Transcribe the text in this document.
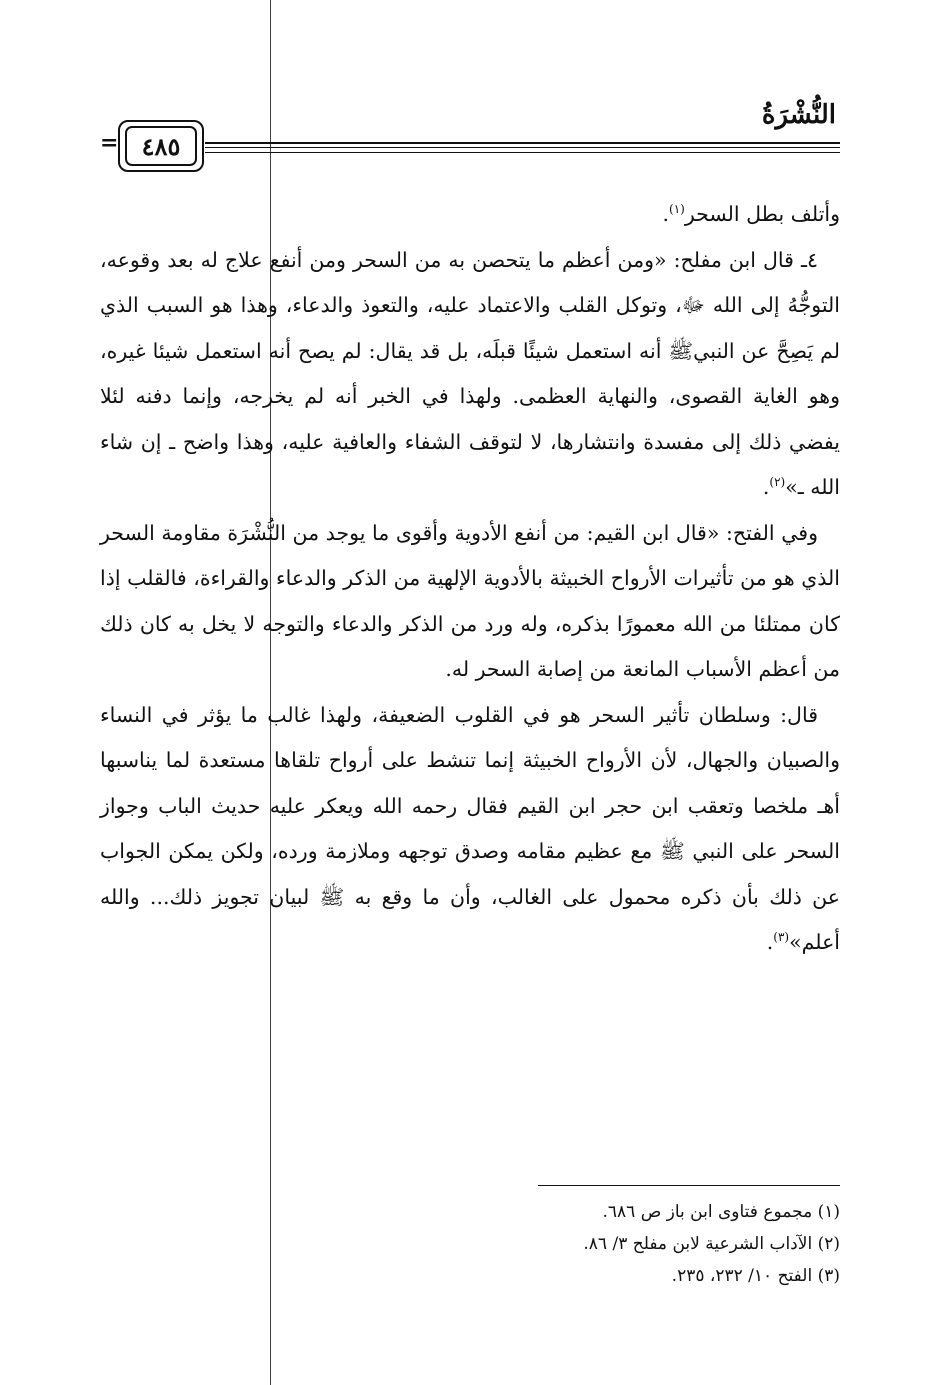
النُّشْرَةُ
= ٤٨٥

وأتلف بطل السحر$^{(١)}$.

٤ـ قال ابن مفلح: «ومن أعظم ما يتحصن به من السحر ومن أنفع علاج له بعد وقوعه، التوجُّهُ إلى الله ﷻ، وتوكل القلب والاعتماد عليه، والتعوذ والدعاء، وهذا هو السبب الذي لم يَصِحَّ عن النبيﷺ أنه استعمل شيئًا قبلَه، بل قد يقال: لم يصح أنه استعمل شيئا غيره، وهو الغاية القصوى، والنهاية العظمى. ولهذا في الخبر أنه لم يخرجه، وإنما دفنه لئلا يفضي ذلك إلى مفسدة وانتشارها، لا لتوقف الشفاء والعافية عليه، وهذا واضح ـ إن شاء الله ـ»$^{(٢)}$.

وفي الفتح: «قال ابن القيم: من أنفع الأدوية وأقوى ما يوجد من النُّشْرَة مقاومة السحر الذي هو من تأثيرات الأرواح الخبيثة بالأدوية الإلهية من الذكر والدعاء والقراءة، فالقلب إذا كان ممتلئا من الله معمورًا بذكره، وله ورد من الذكر والدعاء والتوجه لا يخل به كان ذلك من أعظم الأسباب المانعة من إصابة السحر له.

قال: وسلطان تأثير السحر هو في القلوب الضعيفة، ولهذا غالب ما يؤثر في النساء والصبيان والجهال، لأن الأرواح الخبيثة إنما تنشط على أرواح تلقاها مستعدة لما يناسبها أهـ ملخصا وتعقب ابن حجر ابن القيم فقال رحمه الله ويعكر عليه حديث الباب وجواز السحر على النبي ﷺ مع عظيم مقامه وصدق توجهه وملازمة ورده، ولكن يمكن الجواب عن ذلك بأن ذكره محمول على الغالب، وأن ما وقع به ﷺ لبيان تجويز ذلك... والله أعلم»$^{(٣)}$.

(١) مجموع فتاوى ابن باز ص ٦٨٦.

(٢) الآداب الشرعية لابن مفلح ٣/ ٨٦.

(٣) الفتح ١٠/ ٢٣٢، ٢٣٥.
